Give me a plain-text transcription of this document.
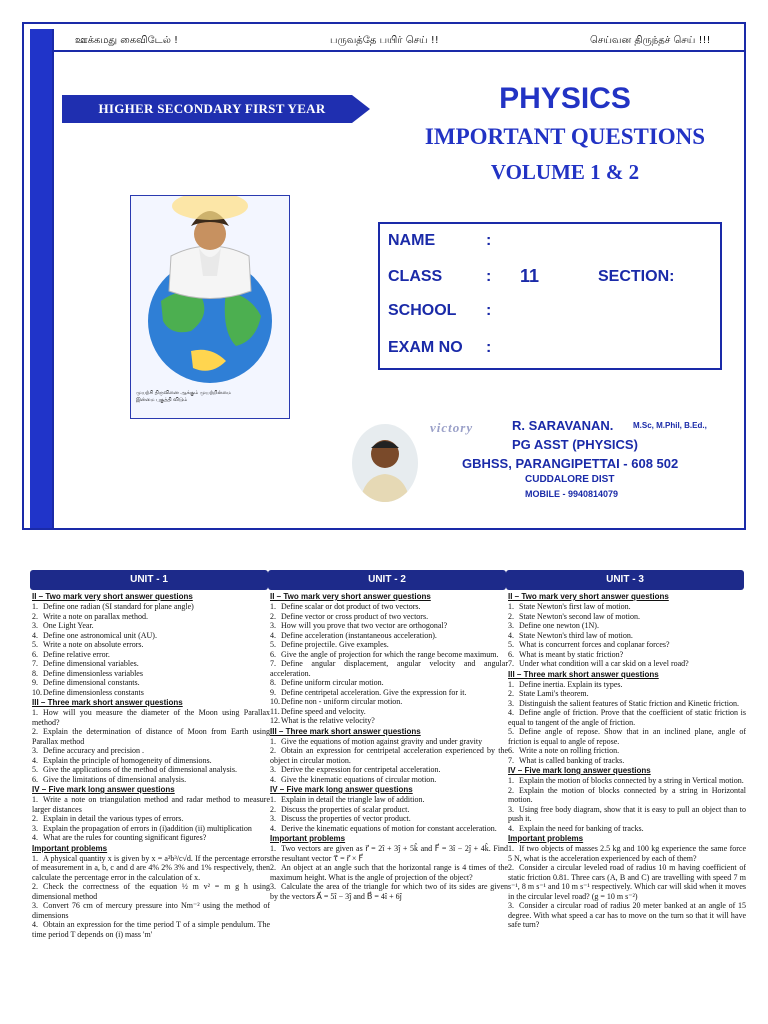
ஊக்கமது கைவிடேல் !	பருவத்தே பயிர் செய் !!	செய்வன திருந்தச் செய் !!!
HIGHER SECONDARY FIRST YEAR	PHYSICS
IMPORTANT QUESTIONS
VOLUME 1 & 2
முயற்சி திருவினை ஆக்கும் முயற்றின்மை
இன்மை புகுத்தி விடும்
NAME	:
CLASS	: 11	SECTION:
SCHOOL :
EXAM NO :
victory	R. SARAVANAN. M.Sc, M.Phil, B.Ed.,
PG ASST (PHYSICS)
GBHSS, PARANGIPETTAI - 608 502
CUDDALORE DIST
MOBILE - 9940814079
UNIT - 1
II – Two mark very short answer questions
1. Define one radian (SI standard for plane angle)
2. Write a note on parallax method.
3. One Light Year.
4. Define one astronomical unit (AU).
5. Write a note on absolute errors.
6. Define relative error.
7. Define dimensional variables.
8. Define dimensionless variables
9. Define dimensional constants.
10.Define dimensionless constants
III – Three mark short answer questions
1. How will you measure the diameter of the Moon using Parallax method?
2. Explain the determination of distance of Moon from Earth using Parallax method
3. Define accuracy and precision .
4. Explain the principle of homogeneity of dimensions.
5. Give the applications of the method of dimensional analysis.
6. Give the limitations of dimensional analysis.
IV – Five mark long answer questions
1. Write a note on triangulation method and radar method to measure larger distances
2. Explain in detail the various types of errors.
3. Explain the propagation of errors in (i)addition (ii) multiplication
4. What are the rules for counting significant figures?
Important problems
1. A physical quantity x is given by x = a²b³/c√d. If the percentage errors of measurement in a, b, c and d are 4% 2% 3% and 1% respectively, then calculate the percentage error in the calculation of x.
2. Check the correctness of the equation ½ m v² = m g h using dimensional method
3. Convert 76 cm of mercury pressure into Nm⁻² using the method of dimensions
4. Obtain an expression for the time period T of a simple pendulum. The time period T depends on (i) mass 'm'
UNIT - 2
II – Two mark very short answer questions
1. Define scalar or dot product of two vectors.
2. Define vector or cross product of two vectors.
3. How will you prove that two vector are orthogonal?
4. Define acceleration (instantaneous acceleration).
5. Define projectile. Give examples.
6. Give the angle of projection for which the range become maximum.
7. Define angular displacement, angular velocity and angular acceleration.
8. Define uniform circular motion.
9. Define centripetal acceleration. Give the expression for it.
10.Define non - uniform circular motion.
11.Define speed and velocity.
12.What is the relative velocity?
III – Three mark short answer questions
1. Give the equations of motion against gravity and under gravity
2. Obtain an expression for centripetal acceleration experienced by the object in circular motion.
3. Derive the expression for centripetal acceleration.
4. Give the kinematic equations of circular motion.
IV – Five mark long answer questions
1. Explain in detail the triangle law of addition.
2. Discuss the properties of scalar product.
3. Discuss the properties of vector product.
4. Derive the kinematic equations of motion for constant acceleration.
Important problems
1. Two vectors are given as r⃗ = 2î + 3ĵ + 5k̂ and F⃗ = 3î − 2ĵ + 4k̂. Find the resultant vector τ⃗ = r⃗ × F⃗
2. An object at an angle such that the horizontal range is 4 times of the maximum height. What is the angle of projection of the object?
3. Calculate the area of the triangle for which two of its sides are given by the vectors A⃗ = 5î − 3ĵ and B⃗ = 4î + 6ĵ
UNIT - 3
II – Two mark very short answer questions
1. State Newton's first law of motion.
2. State Newton's second law of motion.
3. Define one newton (1N).
4. State Newton's third law of motion.
5. What is concurrent forces and coplanar forces?
6. What is meant by static friction?
7. Under what condition will a car skid on a level road?
III – Three mark short answer questions
1. Define inertia. Explain its types.
2. State Lami's theorem.
3. Distinguish the salient features of Static friction and Kinetic friction.
4. Define angle of friction. Prove that the coefficient of static friction is equal to tangent of the angle of friction.
5. Define angle of repose. Show that in an inclined plane, angle of friction is equal to angle of repose.
6. Write a note on rolling friction.
7. What is called banking of tracks.
IV – Five mark long answer questions
1. Explain the motion of blocks connected by a string in Vertical motion.
2. Explain the motion of blocks connected by a string in Horizontal motion.
3. Using free body diagram, show that it is easy to pull an object than to push it.
4. Explain the need for banking of tracks.
Important problems
1. If two objects of masses 2.5 kg and 100 kg experience the same force 5 N, what is the acceleration experienced by each of them?
2. Consider a circular leveled road of radius 10 m having coefficient of static friction 0.81. Three cars (A, B and C) are travelling with speed 7 m s⁻¹, 8 m s⁻¹ and 10 m s⁻¹ respectively. Which car will skid when it moves in the circular level road? (g = 10 m s⁻²)
3. Consider a circular road of radius 20 meter banked at an angle of 15 degree. With what speed a car has to move on the turn so that it will have safe turn?
